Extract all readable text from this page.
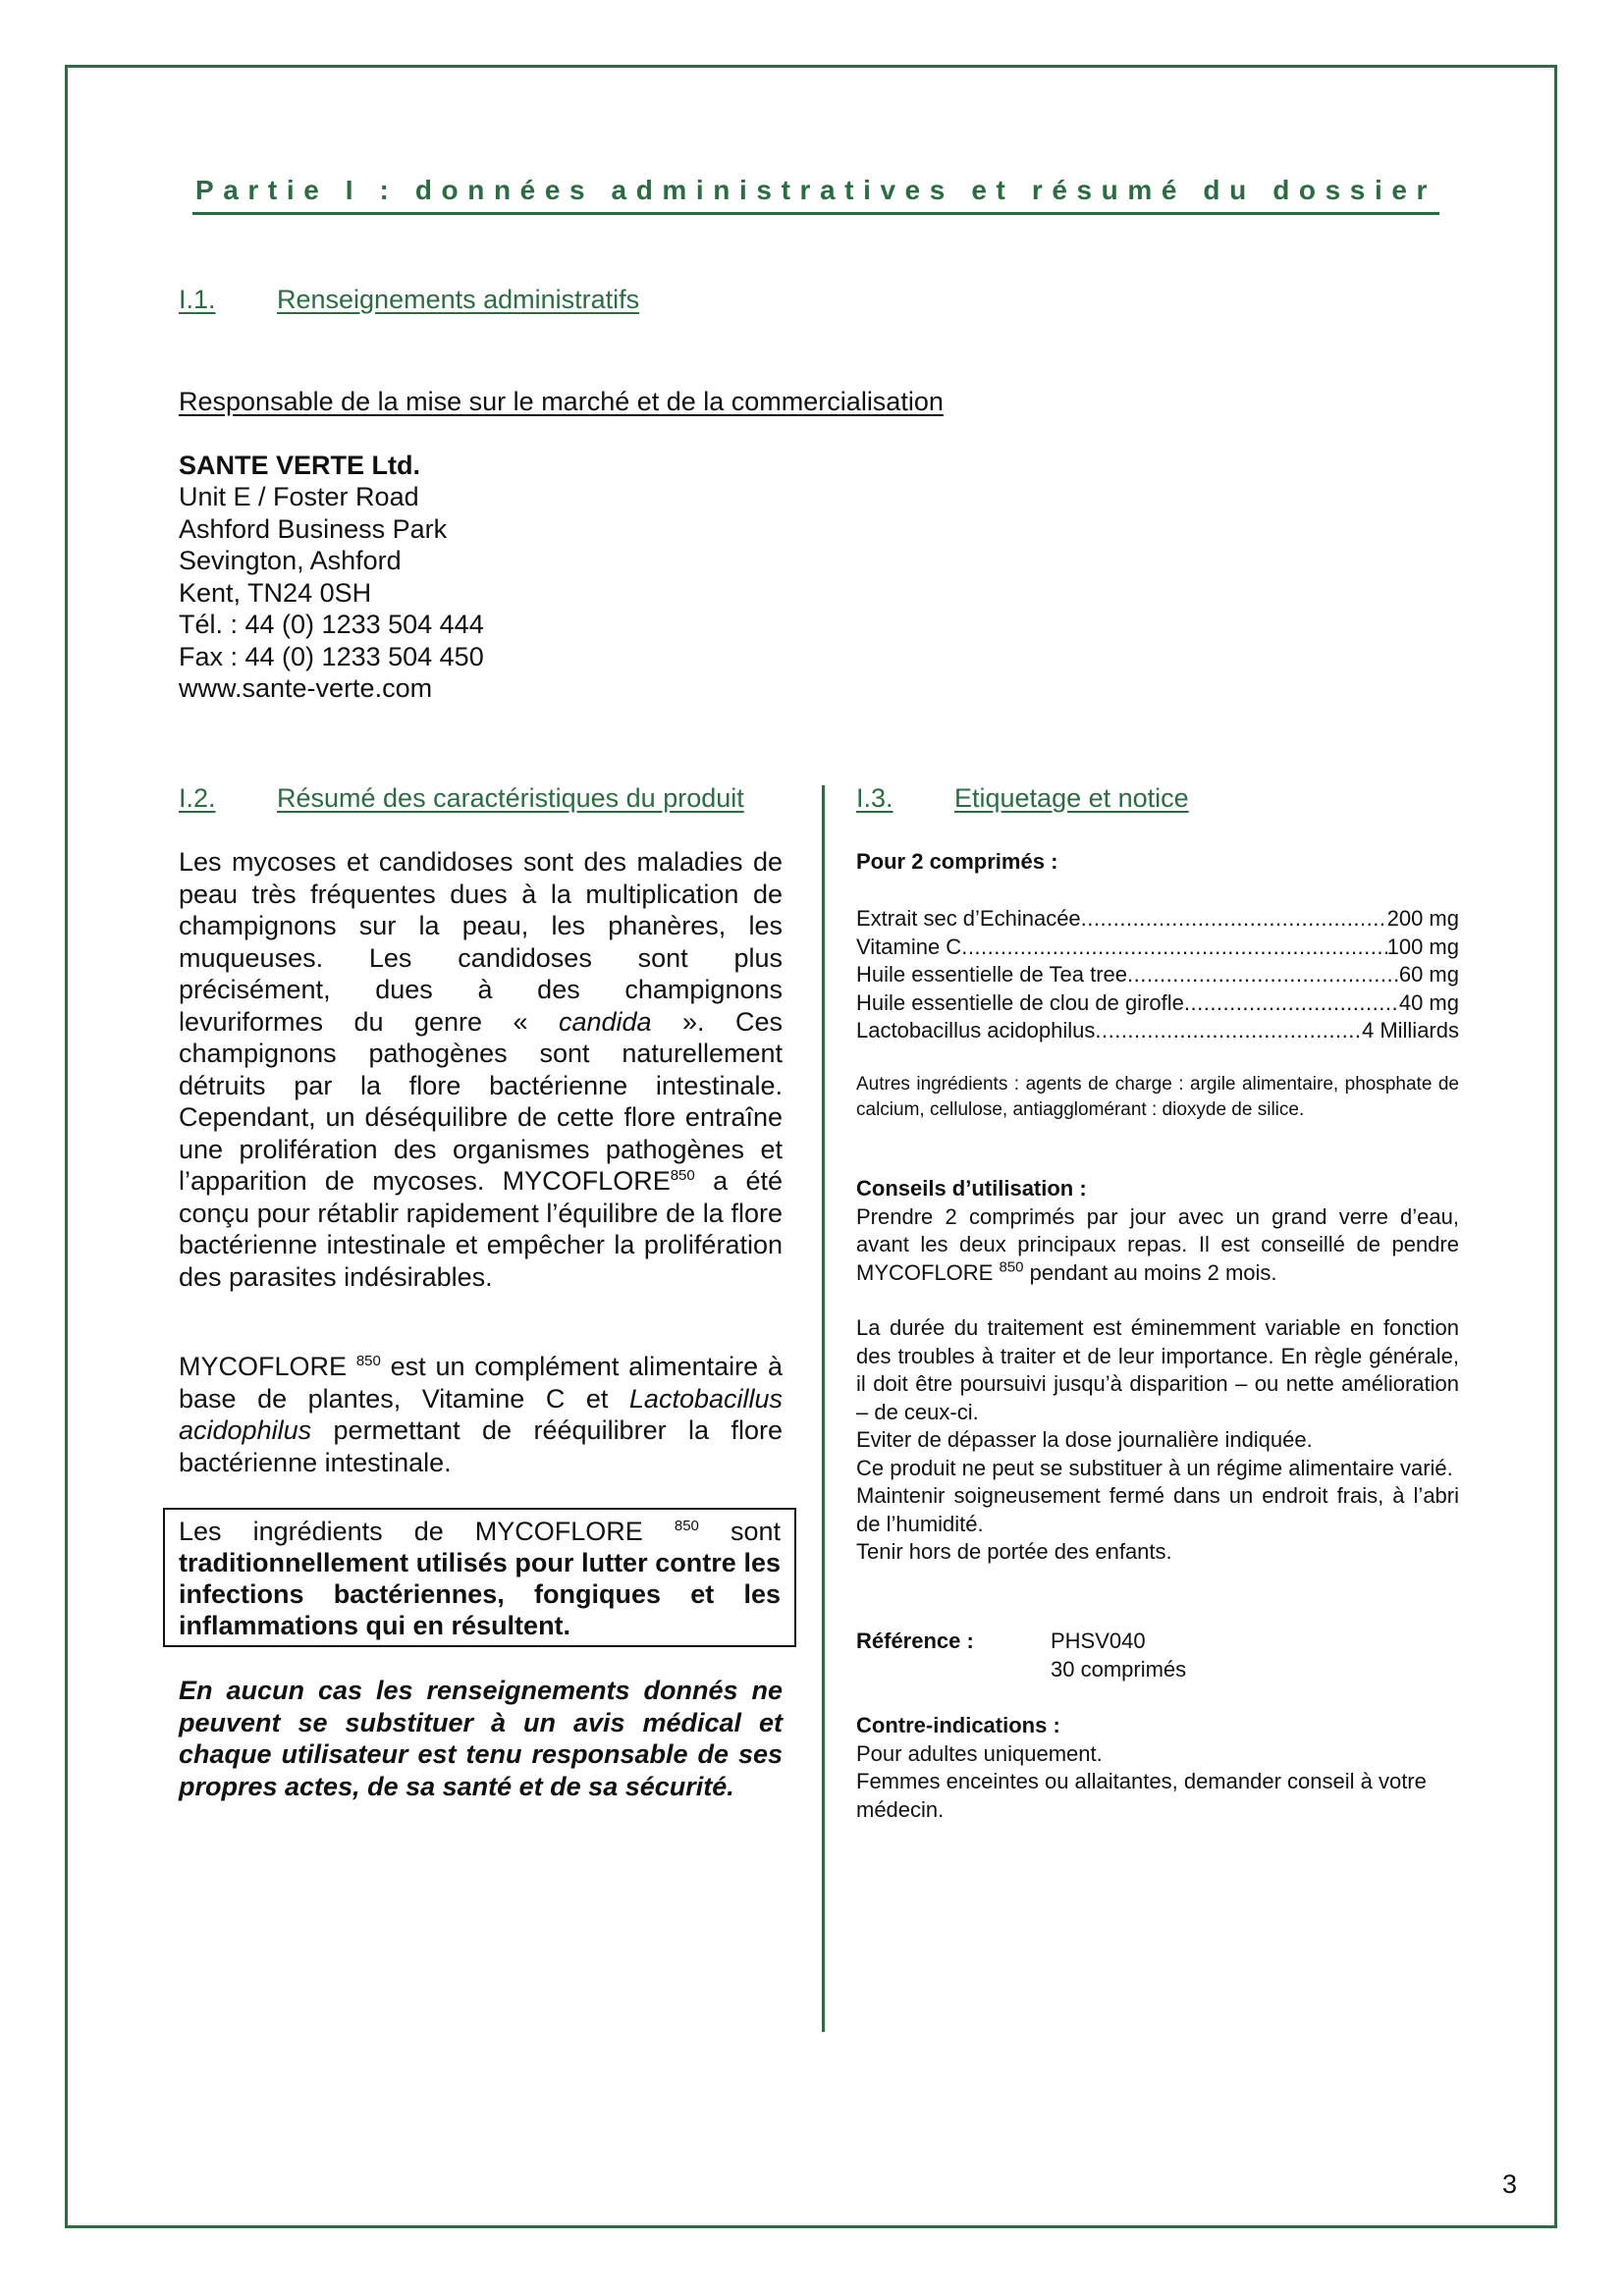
Partie I : données administratives et résumé du dossier
I.1. Renseignements administratifs
Responsable de la mise sur le marché et de la commercialisation
SANTE VERTE Ltd.
Unit E / Foster Road
Ashford Business Park
Sevington, Ashford
Kent, TN24 0SH
Tél. : 44 (0) 1233 504 444
Fax : 44 (0) 1233 504 450
www.sante-verte.com
I.2. Résumé des caractéristiques du produit
Les mycoses et candidoses sont des maladies de peau très fréquentes dues à la multiplication de champignons sur la peau, les phanères, les muqueuses. Les candidoses sont plus précisément, dues à des champignons levuriformes du genre « candida ». Ces champignons pathogènes sont naturellement détruits par la flore bactérienne intestinale. Cependant, un déséquilibre de cette flore entraîne une prolifération des organismes pathogènes et l’apparition de mycoses. MYCOFLORE$^{850}$ a été conçu pour rétablir rapidement l’équilibre de la flore bactérienne intestinale et empêcher la prolifération des parasites indésirables.
MYCOFLORE $^{850}$ est un complément alimentaire à base de plantes, Vitamine C et Lactobacillus acidophilus permettant de rééquilibrer la flore bactérienne intestinale.
Les ingrédients de MYCOFLORE $^{850}$ sont traditionnellement utilisés pour lutter contre les infections bactériennes, fongiques et les inflammations qui en résultent.
En aucun cas les renseignements donnés ne peuvent se substituer à un avis médical et chaque utilisateur est tenu responsable de ses propres actes, de sa santé et de sa sécurité.
I.3. Etiquetage et notice
Pour 2 comprimés :
Extrait sec d’Echinacée .....	200 mg
Vitamine C .....	100 mg
Huile essentielle de Tea tree .....	60 mg
Huile essentielle de clou de girofle .....	40 mg
Lactobacillus acidophilus .....	4 Milliards
Autres ingrédients : agents de charge : argile alimentaire, phosphate de calcium, cellulose, antiagglomérant : dioxyde de silice.
Conseils d’utilisation :
Prendre 2 comprimés par jour avec un grand verre d’eau, avant les deux principaux repas. Il est conseillé de pendre MYCOFLORE $^{850}$ pendant au moins 2 mois.
La durée du traitement est éminemment variable en fonction des troubles à traiter et de leur importance. En règle générale, il doit être poursuivi jusqu’à disparition – ou nette amélioration – de ceux-ci.
Eviter de dépasser la dose journalière indiquée.
Ce produit ne peut se substituer à un régime alimentaire varié.
Maintenir soigneusement fermé dans un endroit frais, à l’abri de l’humidité.
Tenir hors de portée des enfants.
Référence :	PHSV040
30 comprimés
Contre-indications :
Pour adultes uniquement.
Femmes enceintes ou allaitantes, demander conseil à votre médecin.
3
